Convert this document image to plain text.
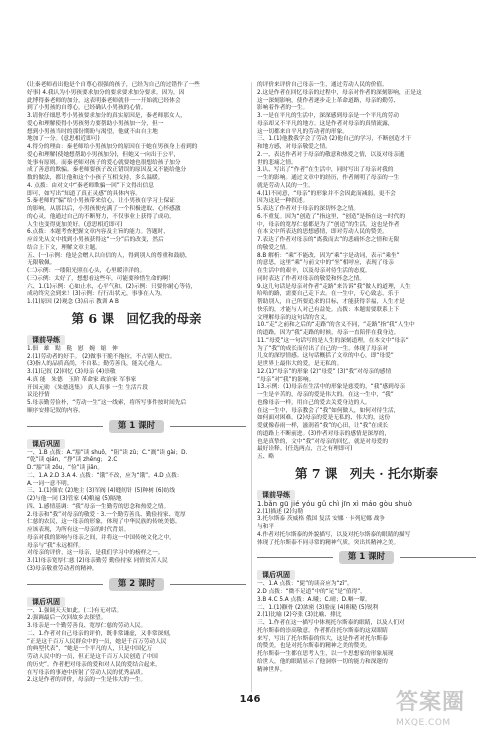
(让秦老师看出他是个自尊心很强的孩子，已经为自己的过错作了一些

好事) 4.我认为小男孩要求加分的要求要求加分要求。因为，因

此博得秦老师的加分，这表明秦老师就非一一开始就已经体会

到了小男孩的自尊心，已经确认小男孩的心情。

3.请你仔细思考小男孩要求加分的真实原因是，秦老师那女人，

爱心和理解使得小男孩努力要帮助小男孩加一分，但一

想到小男孩当时的那份期盼与渴望，他就不由自主地

地加了一分。(意思相近即可)

4.得分的理由：秦老师给小男孩加分的原因在于她在男孩身上看到的

爱心和理解(使她想帮助小男孩加分)，但她又一向出于公平，

处事有原则。而秦老师对孩子的爱心就要她也很想给孩子加分

成了善意的欺骗。秦老师要孩子改正错误的原因及又不能给他分

数的做法，都让他和这个小孩子互相支持，多么温暖。

4. 点拨：由对文中“秦老师欺骗一回”下文得出信息

即可，如写出“知道了真正灵感”的具体内容。

5.秦老师的“骗”给小男孩带来信心，让小男孩在学习上保证

的影响。从那以后，小男孩便充满了一个积极进取、心怀感激

的心灵，他通过自己的不断努力，不仅事业上获得了成功，

人生也变得更加美好。(意思相近即可)

6.点拨：本题考查把握文章内容及主旨的能力。答题时，

应首先从文中找到小男孩获得这“一分”后的改变，然后

结合上下文，理解文章主题。

五、(一)示例：他是会赠人以自信的人，得到别人的尊重和鼓励，

无限敬佩。

(二)示例：一缕阳光照在心头，心里暖洋洋的。

(三)示例：太好了，想想看这些年，可能要珍惜生命的啊！

六、1.(1)示例：心如止水，心平气和。(2)示例：只要你耐心等待，

成功终究会到来！(3)示例：行行出状元，事事在人为。

1.(1)原因 (2)观念 (3)启示 教训 A B

第 6 课　回忆我的母亲
课前导练

1.佃　雄　黠　鞑　慰　婉　缩　伸

2.(1)劳动者的好手。 (2)做事干脆不拖拉，不占别人便宜。

(3)指人的品质高尚，不自私；勤劳善良，能关心他人。

3.(1)记叙 (2)回忆 (3)母亲 (4)崇敬

4.真 能　朱德　玉阶 革命家 政治家 军事家

开国元勋 《朱德选集》 真人真事 一生 生活片段

议论抒情

5.母亲勤劳俭朴，“劳动一生”这一线索，将所写事件按时间先后

顺序安排记叙的内容。

第 1 课时
课后巩固

一、1.B 点拨：A.“豁”读 shuō，“阻”读 zǔ；C.“溉”读 gài；D.

“乾”读 qián，“挣”读 zhēng； 2.C

D.“豁”读 zōu，“俭”读 jiǎn。

二、1.A 2.D 3.A 4. 点拨：“饿”不改，应为“饿”。4.D 点拨：

A.一词一意不明。

三、1.(1)佃农 (2)地主 (3)军阀 (4)缝纫针 (5)种树 (6)纺线

(2)与他一同 (3)管家 (4)粮遍 (5)隔地

四、1.感情基调：“我”母亲一生勤劳的思念和热爱之情。

2.母亲和“我”对母亲的敬爱 · 3.一个勤劳善良、勤俭持家、宽厚

仁慈的农民，这一母亲的形象，体现了中华民族的传统美德。

应该表现，为所有这一母亲的时代背景。

母亲对我的影响与母亲之间，并将这一中国传统文化之中，

母亲与“我”永远相伴。

对母亲的评价，这一母亲，是我们学习中的榜样之一。

3.(1)母亲宽厚仁慈 (2)母亲勤劳 勤俭持家 同情贫苦人民

(3)母亲敬重劳动者的精神。

第 2 课时
课后巩固

一、1.强调天天如此。(二)有无对话。

2.强调最后一次回故乡去探望。

3.母亲是一个勤劳善良、宽厚仁慈的劳动人民。

二、1.作者对自己母亲的评价，既非常谦虚，又非常深刻，

“正是这千百万人民群众中的一员，她是千百万劳动人民

的典型代表”，“她是一个平凡的人，只是中国亿万

劳动人民中的一员，但正是这千百万人民创造了中国

的历史”。作者把对母亲的爱和对人民的爱结合起来，

在写母亲的事迹中折射了劳动人民的优秀品质。

2.这是作者的评价，母亲的一生是伟大的一生。

的评价来评价自己母亲一生，通过劳动人民的价值。

2.这是作者在回忆母亲的过程中，母亲对作者的深刻影响，正是这

这一深刻影响，使作者逐步走上革命道路，母亲的勤劳、

影响着作者的一生。

3.一是在平凡的生活中，深深感到母亲是一个平凡的劳动

母亲却又不平凡的地方。这是作者对母亲的真情流露，

这一切都来自平凡的劳动者的形象。

三、1.(1)他教我学会了劳动 (2)他自己的学习，不断创造才干

和地方感，对母亲敬爱之情。

2.一、表达作者对于母亲的敬意和热爱之情，以及对母亲逝

世的悲痛之情。

3.认、写出了“作者”在生活中，同时写出了母亲对我的

一生的影响。通过文章中的经历，作者阐明了母亲的一生

就是劳动人民的一生。

4.(1)不同意，“母亲”的形象并不会因此而减弱，更不会

因为这是一种叙述。

5.表达了作者对于母亲的深切怀念之情。

6.不重复。因为“创造了”指这里，“创造”是指在这一时代的

中，母亲的宽厚仁慈都是为了“创造”的生活。这也是作者

在本文中所表达的思想感情，即对劳动人民的赞美。

7.表达了作者对母亲的“离我而去”的悲痛怀念之情和无限

的敬爱之情。

8.B 解析：“乘”不能改，因为“乘”字是动词，表示“乘坐”

的意思，这里“乘”与前文中的“坐”相呼应，表现了母亲

在生活中的艰辛，以及母亲对待生活的态度。

同时表达了作者对母亲的敬爱和怀念之情。

9.这儿句话是母亲对作者“走路”来告诉“我”做人的道理，人生

哈哈的路，需要自己走下去。在一生中，专心致志，乐于

帮助别人，自己所要追求的目标，才能获得幸福，人生才是

快乐的，才能与人对己有益处。点拨：本题需要联系上下

文理解母亲的这句话的含义。

10.“走”之前和之后的“走路”的含义不同，“走路”指“我”人生中

的道路，因为“我”走路的时候，母亲一直陪伴在我身边。

11.“母爱”这一句话写的是人生的深刻道理，在本文中“母亲”

为了“我”的成长而付出了自己的一生。体现了母亲对

儿女的深厚情感。这句话概括了文章的中心，即“母爱”

是世界上最伟大的爱，是无私的。

12.(1)“母亲”的形象 (2)“母爱” (3)“我”对母亲的感情

“母亲”对“我”的影响。

13.示例：(1)母亲在生活中的形象是慈爱的，“我”感到母亲

一生是辛苦的，母亲的爱是伟大的。在这一生中，“我”

也像母亲一样，用自己的爱去关爱身边的人。

在这一生中，母亲教会了“我”如何做人，如何对待生活，

如何面对困难。(2)母亲的爱是无私的、伟大的，这份

爱就像春雨一样，滋润着“我”的心田，让“我”在成长

的道路上不断前进。(3)作者对母亲的感情是深厚的，

也是真挚的，文中“我”对母亲的回忆，就是对母爱的

最好诠释。(任选两点，言之有理即可)

五、略

第 7 课　列夫 · 托尔斯泰
课前导练

1.bǎn gū jié yóu gǔ chì jīn xì máo gòu shuò

2.(1)描述 (2)勾勒

3.托尔斯泰 茨威格 俄国 复活 安娜 · 卡列尼娜 战争

与和平

4.作者对托尔斯泰的外貌描写，以及对托尔斯泰的眼睛的描写

体现了托尔斯泰不同寻常的精神气质，突出其精神之美。

第 1 课时
课后巩固

一、1.A 点拨：“髭”的读音应为“zī”。

2.D 点拨：“微不足道”中的“足”是“值得”。

3.B 4.C 5.A 点拨：A.曦；C.晴；D.噼一颦。

二、1.(1)颧骨 (2)浓密 (3)脸庞 (4)粗糙 (5)锐利

2.(1)比喻 (2)夸张 (3)比喻、排比

三、1.作者在这一描写中体现托尔斯泰的眼睛，以及人们对

托尔斯泰的崇高敬意。作者抓住托尔斯泰的这双眼睛

来写，写出了托尔斯泰的伟大，这是作者对托尔斯泰

的赞美，也是对托尔斯泰的精神之美的赞美。

托尔斯泰一生都在思考人生，以一个思想家的形象展现

给世人，他的眼睛显示了他洞察一切的能力和深邃的

精神世界。

146	答案圈
MXQE.COM
